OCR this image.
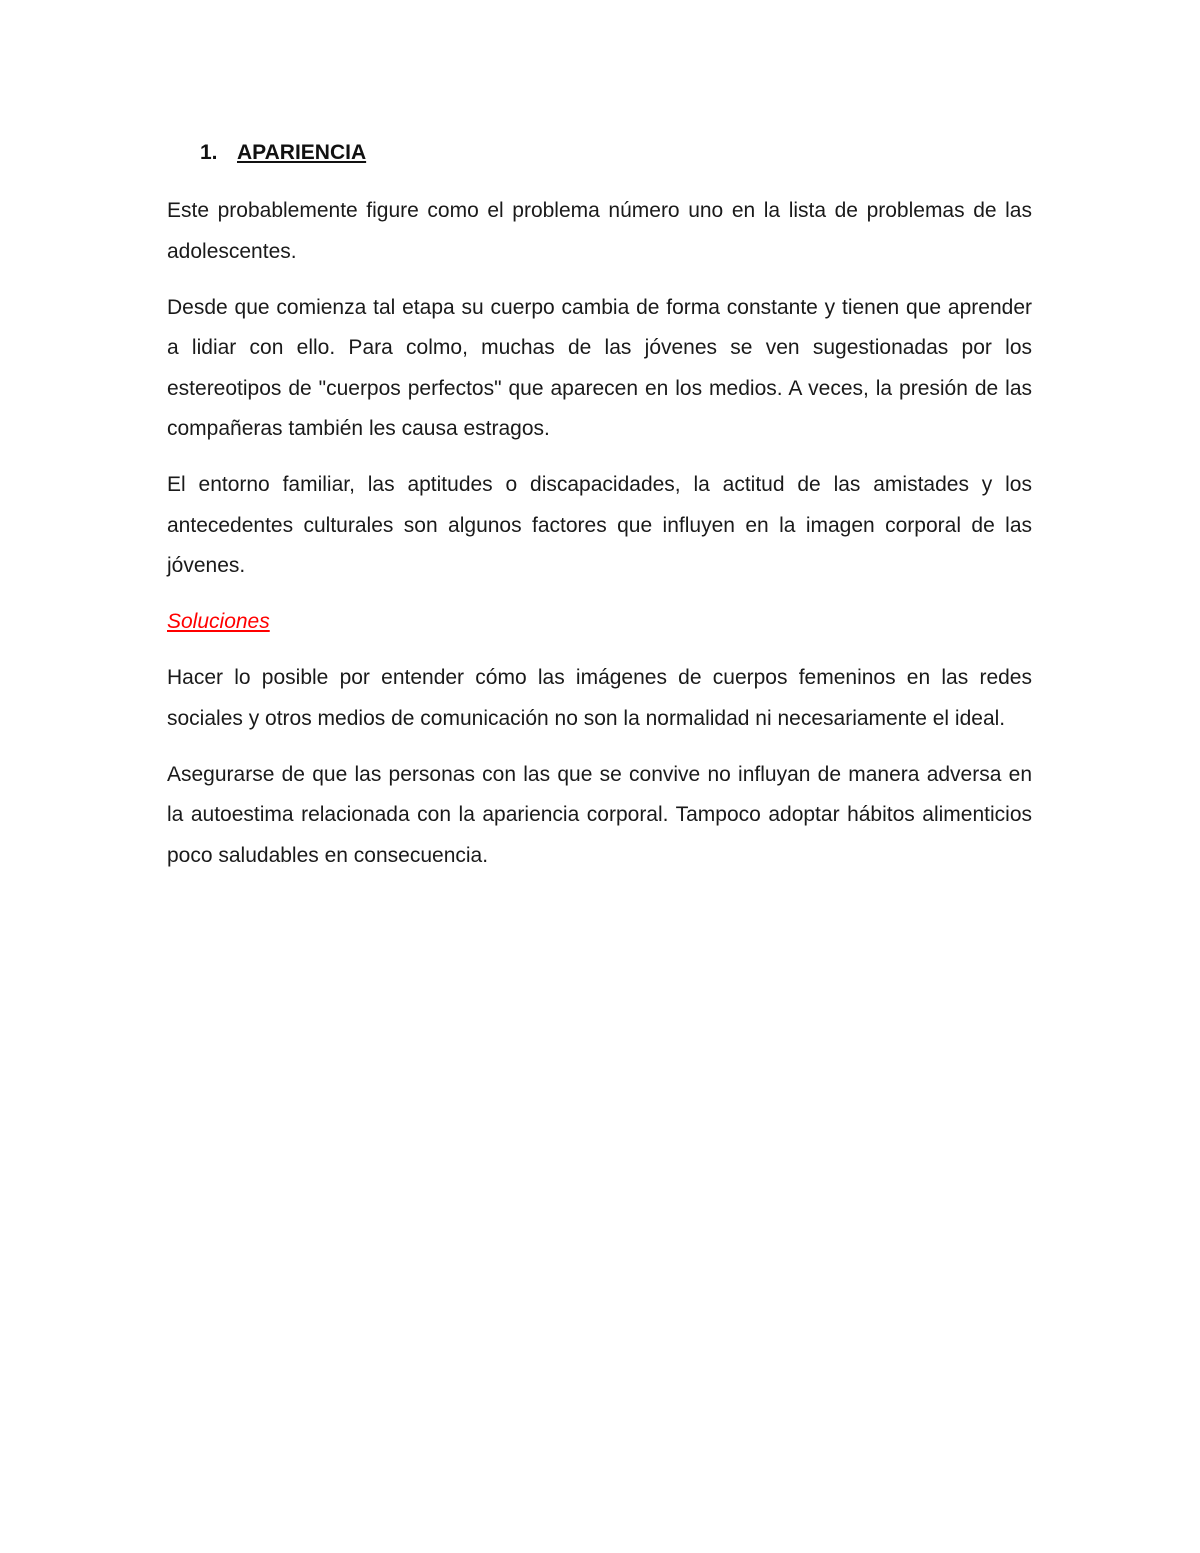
1. APARIENCIA

Este probablemente figure como el problema número uno en la lista de problemas de las adolescentes.

Desde que comienza tal etapa su cuerpo cambia de forma constante y tienen que aprender a lidiar con ello. Para colmo, muchas de las jóvenes se ven sugestionadas por los estereotipos de "cuerpos perfectos" que aparecen en los medios. A veces, la presión de las compañeras también les causa estragos.

El entorno familiar, las aptitudes o discapacidades, la actitud de las amistades y los antecedentes culturales son algunos factores que influyen en la imagen corporal de las jóvenes.

Soluciones

Hacer lo posible por entender cómo las imágenes de cuerpos femeninos en las redes sociales y otros medios de comunicación no son la normalidad ni necesariamente el ideal.

Asegurarse de que las personas con las que se convive no influyan de manera adversa en la autoestima relacionada con la apariencia corporal. Tampoco adoptar hábitos alimenticios poco saludables en consecuencia.
